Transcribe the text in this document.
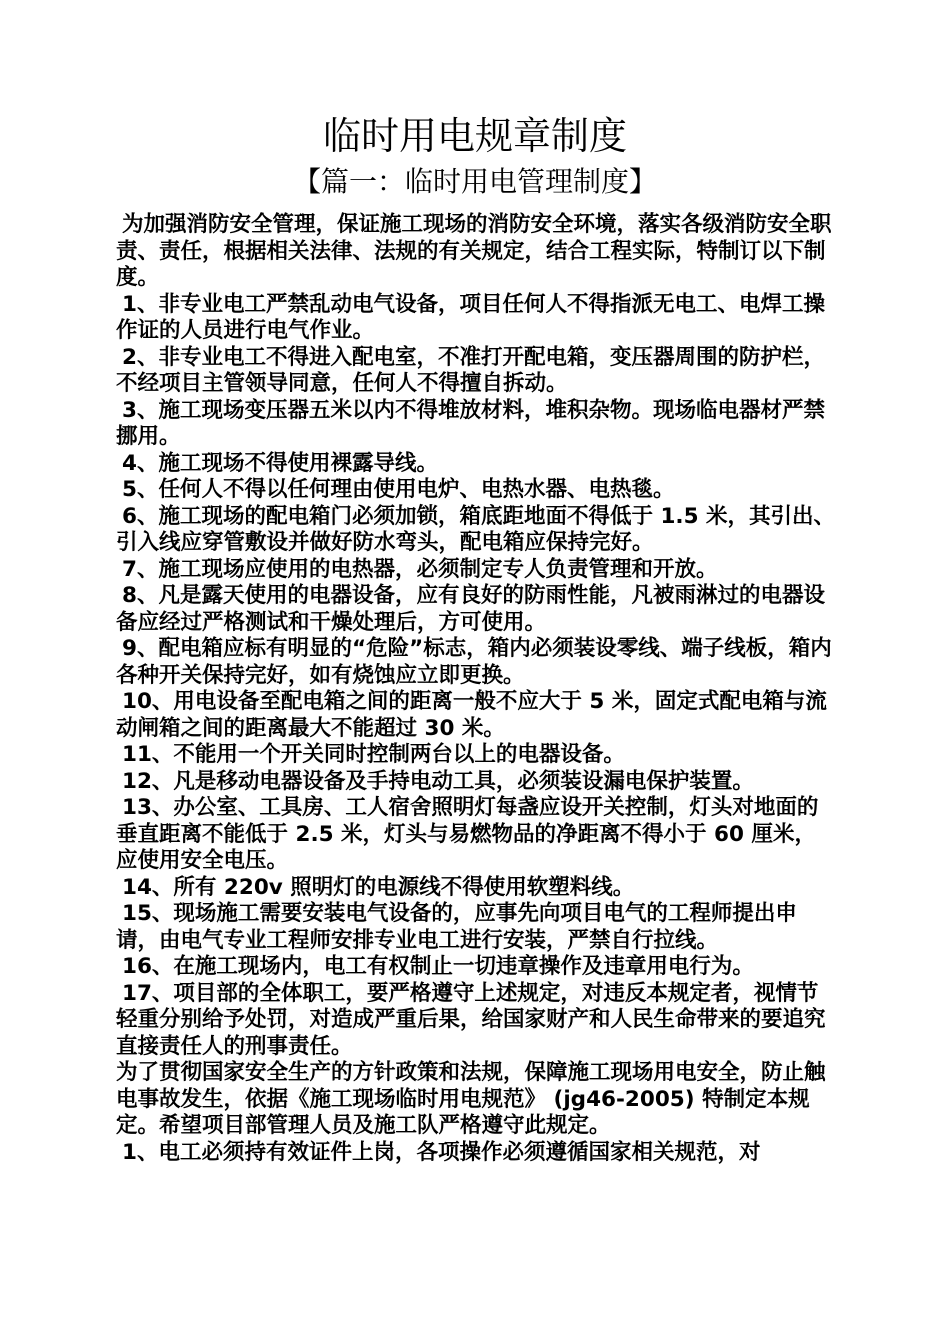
临时用电规章制度
【篇一：临时用电管理制度】

为加强消防安全管理，保证施工现场的消防安全环境，落实各级消防安全职责、责任，根据相关法律、法规的有关规定，结合工程实际，特制订以下制度。

1、非专业电工严禁乱动电气设备，项目任何人不得指派无电工、电焊工操作证的人员进行电气作业。

2、非专业电工不得进入配电室，不准打开配电箱，变压器周围的防护栏，不经项目主管领导同意，任何人不得擅自拆动。

3、施工现场变压器五米以内不得堆放材料，堆积杂物。现场临电器材严禁挪用。

4、施工现场不得使用裸露导线。

5、任何人不得以任何理由使用电炉、电热水器、电热毯。

6、施工现场的配电箱门必须加锁，箱底距地面不得低于 1.5 米，其引出、引入线应穿管敷设并做好防水弯头，配电箱应保持完好。

7、施工现场应使用的电热器，必须制定专人负责管理和开放。

8、凡是露天使用的电器设备，应有良好的防雨性能，凡被雨淋过的电器设备应经过严格测试和干燥处理后，方可使用。

9、配电箱应标有明显的“危险”标志，箱内必须装设零线、端子线板，箱内各种开关保持完好，如有烧蚀应立即更换。

10、用电设备至配电箱之间的距离一般不应大于 5 米，固定式配电箱与流动闸箱之间的距离最大不能超过 30 米。

11、不能用一个开关同时控制两台以上的电器设备。

12、凡是移动电器设备及手持电动工具，必须装设漏电保护装置。

13、办公室、工具房、工人宿舍照明灯每盏应设开关控制，灯头对地面的垂直距离不能低于 2.5 米，灯头与易燃物品的净距离不得小于 60 厘米，应使用安全电压。

14、所有 220v 照明灯的电源线不得使用软塑料线。

15、现场施工需要安装电气设备的，应事先向项目电气的工程师提出申请，由电气专业工程师安排专业电工进行安装，严禁自行拉线。

16、在施工现场内，电工有权制止一切违章操作及违章用电行为。

17、项目部的全体职工，要严格遵守上述规定，对违反本规定者，视情节轻重分别给予处罚，对造成严重后果，给国家财产和人民生命带来的要追究直接责任人的刑事责任。

为了贯彻国家安全生产的方针政策和法规，保障施工现场用电安全，防止触电事故发生，依据《施工现场临时用电规范》 (jg46-2005) 特制定本规定。希望项目部管理人员及施工队严格遵守此规定。

1、电工必须持有效证件上岗，各项操作必须遵循国家相关规范，对
